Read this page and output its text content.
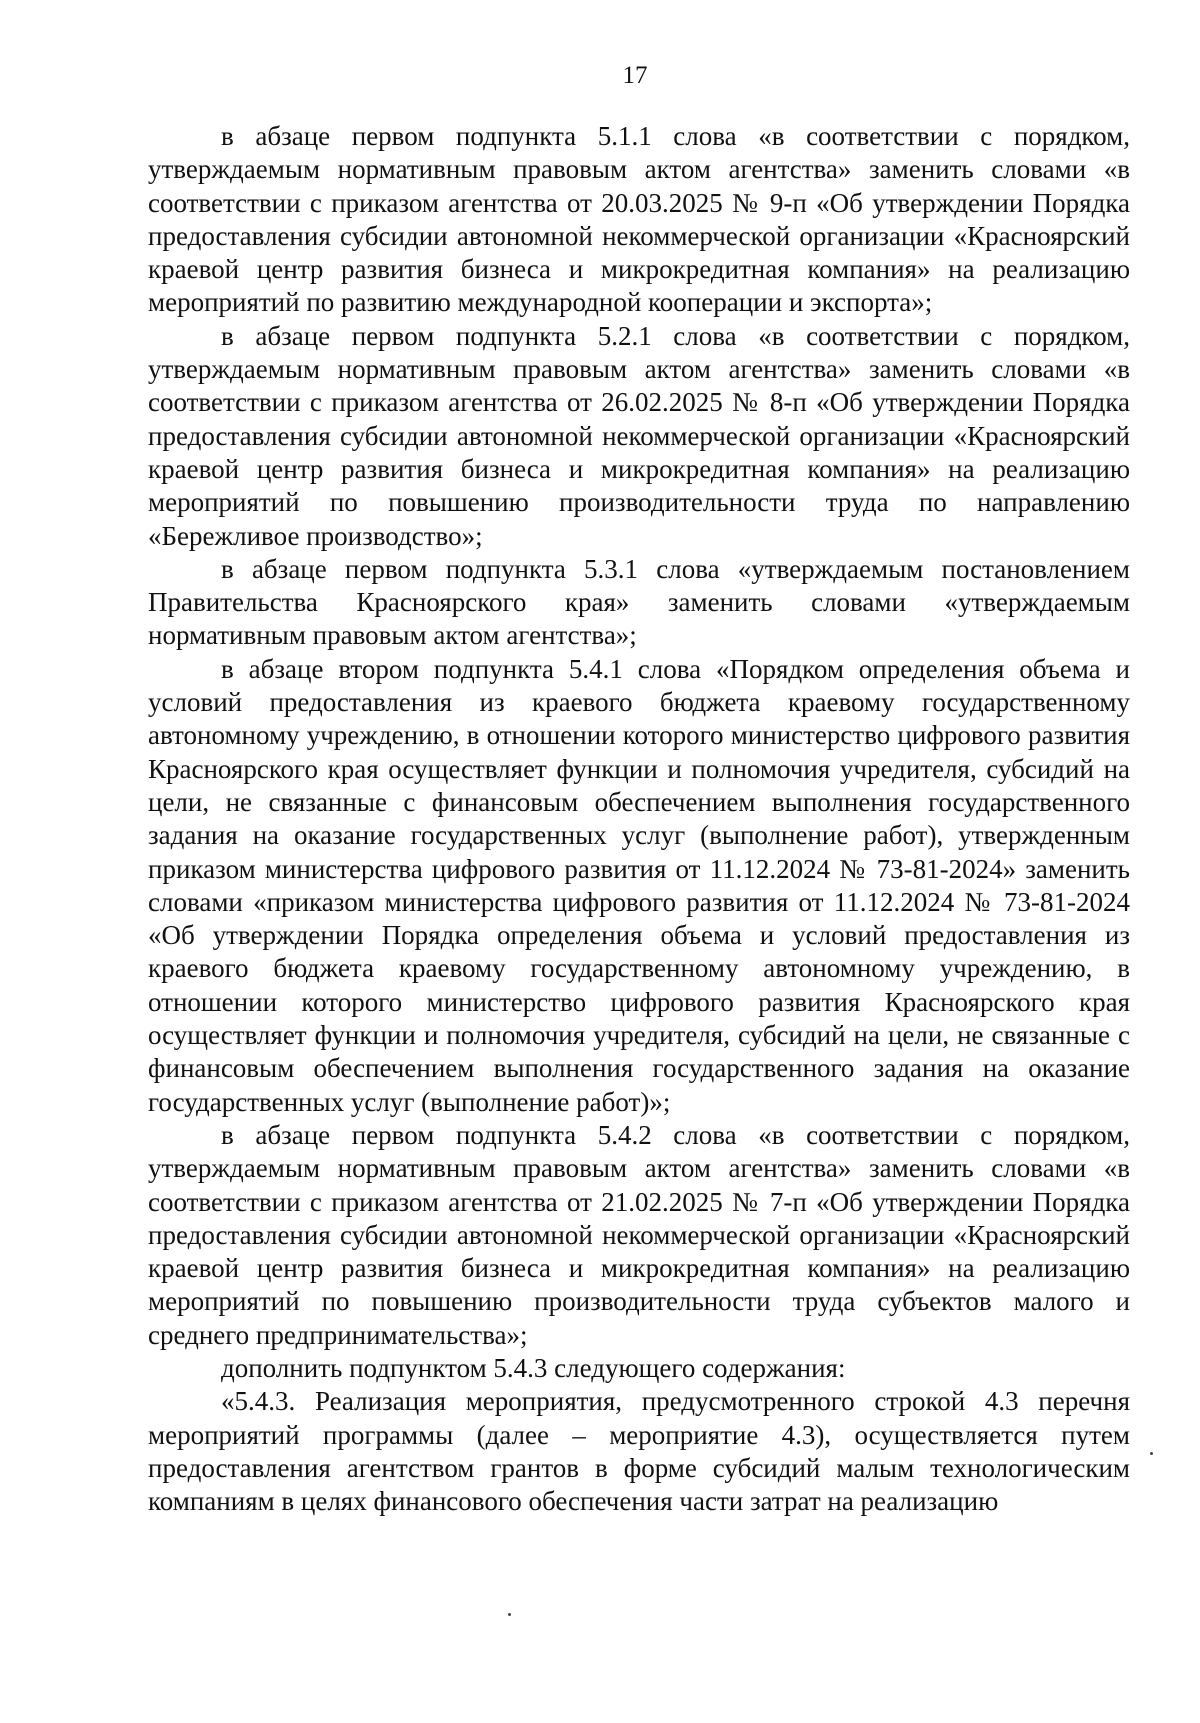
17

в абзаце первом подпункта 5.1.1 слова «в соответствии с порядком, утверждаемым нормативным правовым актом агентства» заменить словами «в соответствии с приказом агентства от 20.03.2025 № 9-п «Об утверждении Порядка предоставления субсидии автономной некоммерческой организации «Красноярский краевой центр развития бизнеса и микрокредитная компания» на реализацию мероприятий по развитию международной кооперации и экспорта»;

в абзаце первом подпункта 5.2.1 слова «в соответствии с порядком, утверждаемым нормативным правовым актом агентства» заменить словами «в соответствии с приказом агентства от 26.02.2025 № 8-п «Об утверждении Порядка предоставления субсидии автономной некоммерческой организации «Красноярский краевой центр развития бизнеса и микрокредитная компания» на реализацию мероприятий по повышению производительности труда по направлению «Бережливое производство»;

в абзаце первом подпункта 5.3.1 слова «утверждаемым постановлением Правительства Красноярского края» заменить словами «утверждаемым нормативным правовым актом агентства»;

в абзаце втором подпункта 5.4.1 слова «Порядком определения объема и условий предоставления из краевого бюджета краевому государственному автономному учреждению, в отношении которого министерство цифрового развития Красноярского края осуществляет функции и полномочия учредителя, субсидий на цели, не связанные с финансовым обеспечением выполнения государственного задания на оказание государственных услуг (выполнение работ), утвержденным приказом министерства цифрового развития от 11.12.2024 № 73-81-2024» заменить словами «приказом министерства цифрового развития от 11.12.2024 № 73-81-2024 «Об утверждении Порядка определения объема и условий предоставления из краевого бюджета краевому государственному автономному учреждению, в отношении которого министерство цифрового развития Красноярского края осуществляет функции и полномочия учредителя, субсидий на цели, не связанные с финансовым обеспечением выполнения государственного задания на оказание государственных услуг (выполнение работ)»;

в абзаце первом подпункта 5.4.2 слова «в соответствии с порядком, утверждаемым нормативным правовым актом агентства» заменить словами «в соответствии с приказом агентства от 21.02.2025 № 7-п «Об утверждении Порядка предоставления субсидии автономной некоммерческой организации «Красноярский краевой центр развития бизнеса и микрокредитная компания» на реализацию мероприятий по повышению производительности труда субъектов малого и среднего предпринимательства»;

дополнить подпунктом 5.4.3 следующего содержания:

«5.4.3. Реализация мероприятия, предусмотренного строкой 4.3 перечня мероприятий программы (далее – мероприятие 4.3), осуществляется путем предоставления агентством грантов в форме субсидий малым технологическим компаниям в целях финансового обеспечения части затрат на реализацию
